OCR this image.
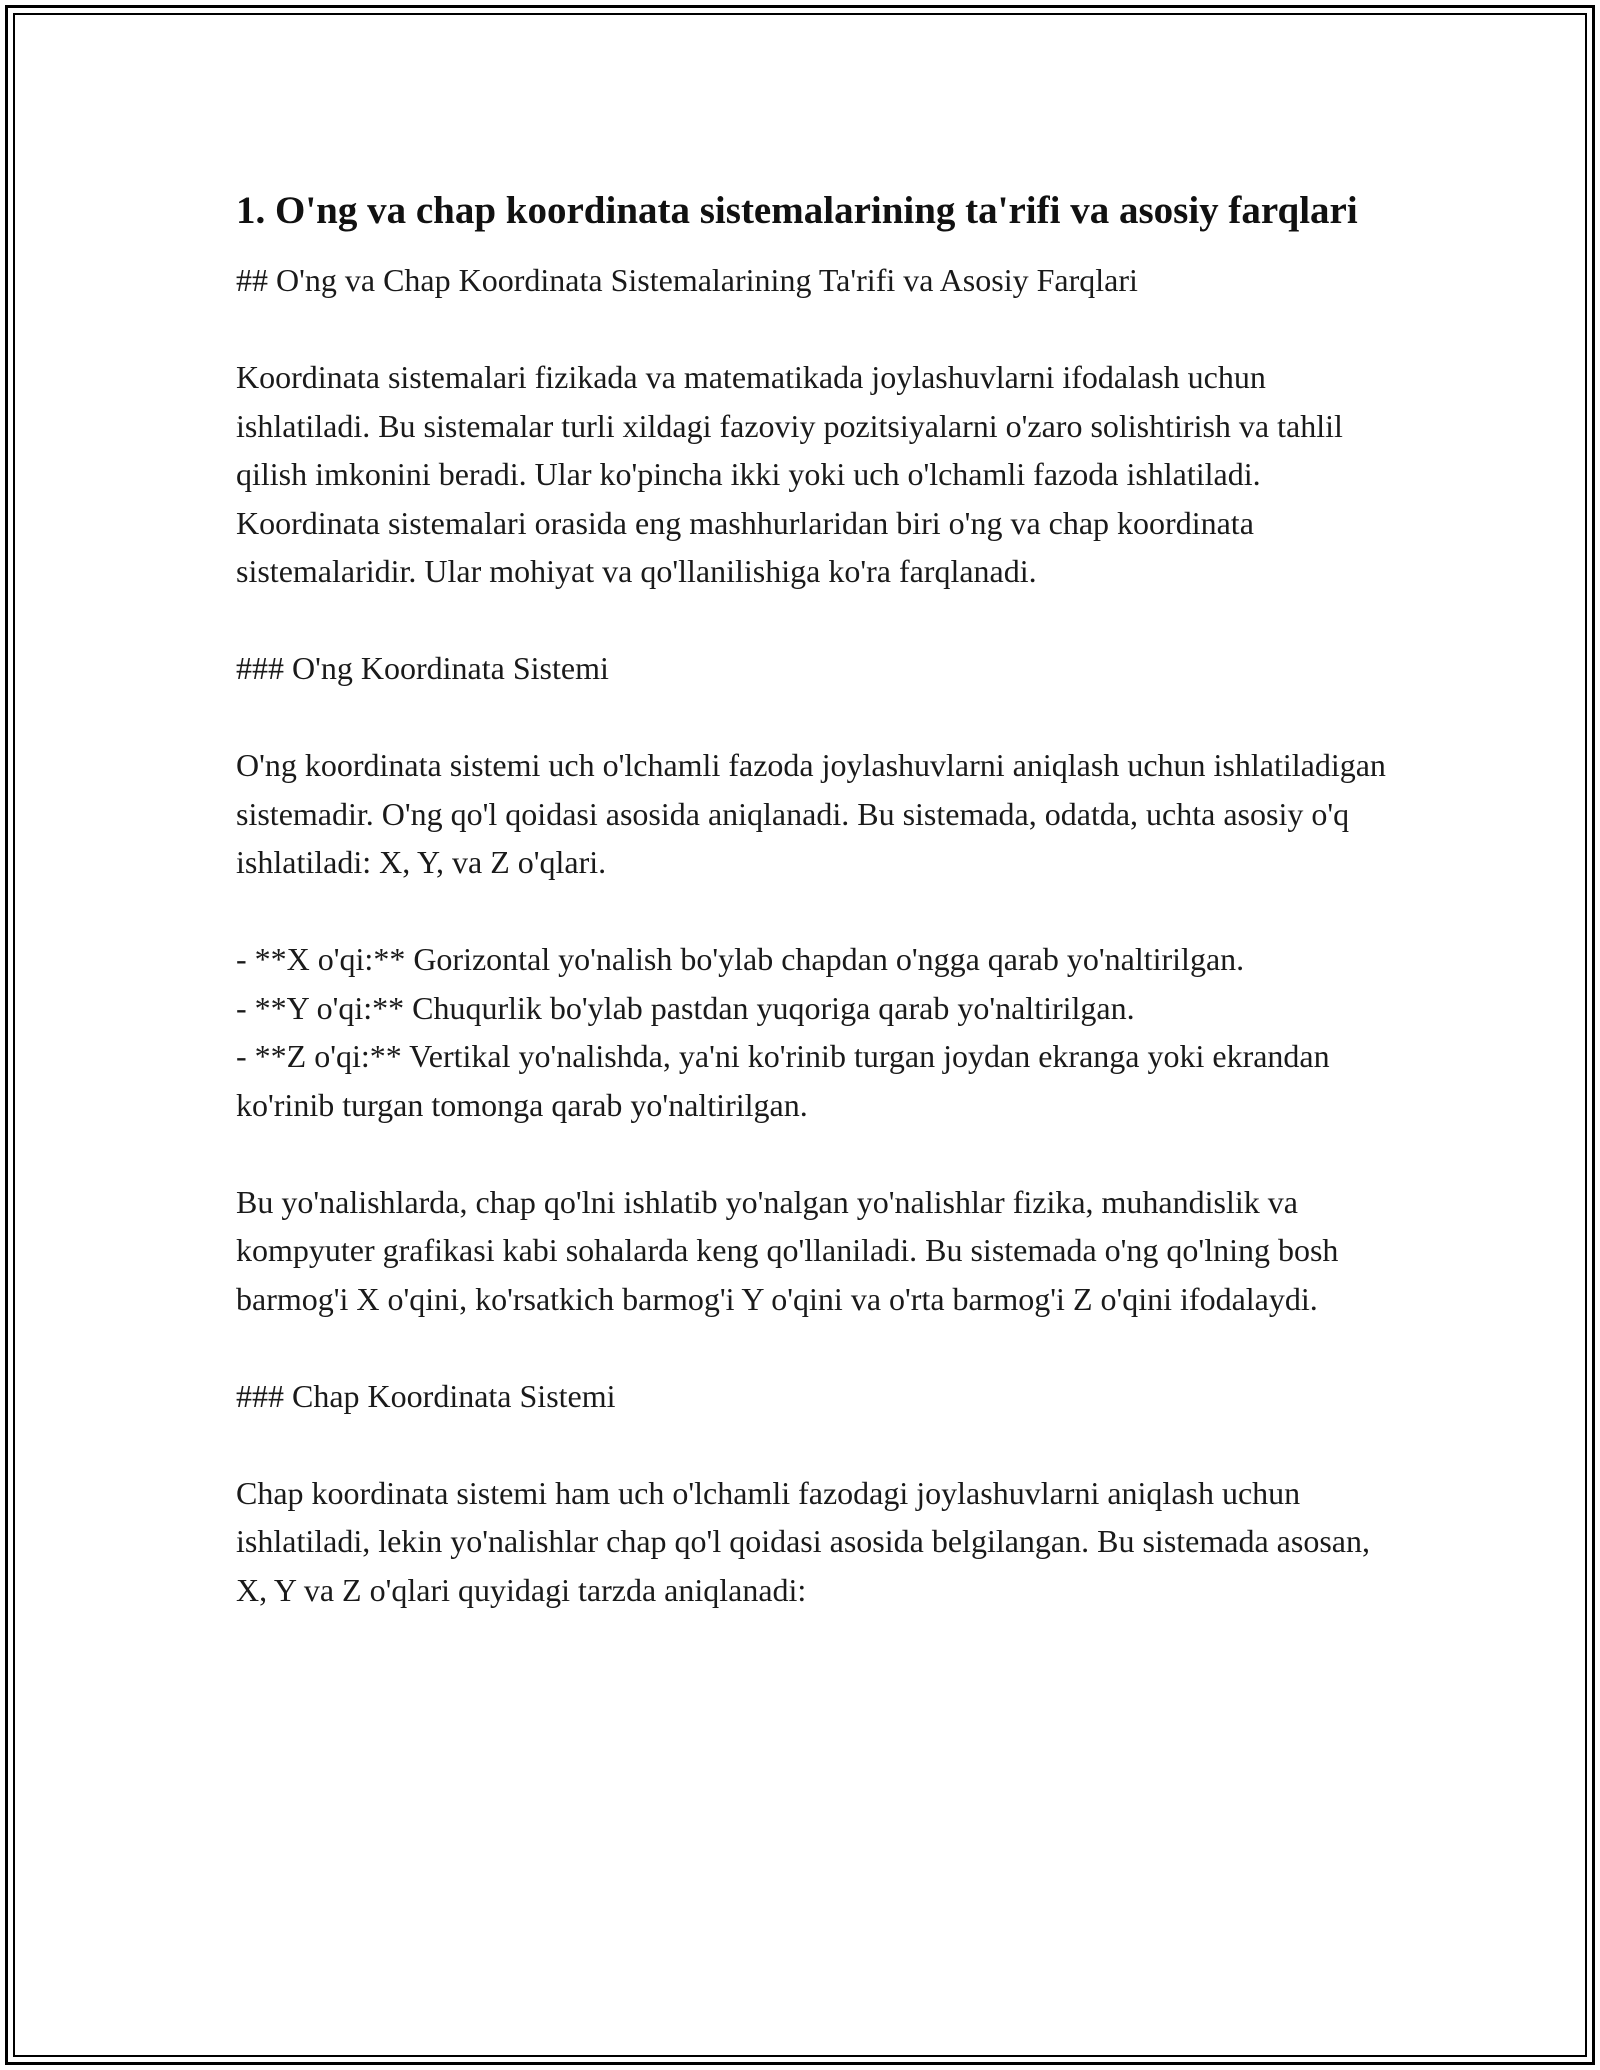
1. O'ng va chap koordinata sistemalarining ta'rifi va asosiy farqlari

## O'ng va Chap Koordinata Sistemalarining Ta'rifi va Asosiy Farqlari

Koordinata sistemalari fizikada va matematikada joylashuvlarni ifodalash uchun ishlatiladi. Bu sistemalar turli xildagi fazoviy pozitsiyalarni o'zaro solishtirish va tahlil qilish imkonini beradi. Ular ko'pincha ikki yoki uch o'lchamli fazoda ishlatiladi. Koordinata sistemalari orasida eng mashhurlaridan biri o'ng va chap koordinata sistemalaridir. Ular mohiyat va qo'llanilishiga ko'ra farqlanadi.

### O'ng Koordinata Sistemi

O'ng koordinata sistemi uch o'lchamli fazoda joylashuvlarni aniqlash uchun ishlatiladigan sistemadir. O'ng qo'l qoidasi asosida aniqlanadi. Bu sistemada, odatda, uchta asosiy o'q ishlatiladi: X, Y, va Z o'qlari.

- **X o'qi:** Gorizontal yo'nalish bo'ylab chapdan o'ngga qarab yo'naltirilgan.

- **Y o'qi:** Chuqurlik bo'ylab pastdan yuqoriga qarab yo'naltirilgan.

- **Z o'qi:** Vertikal yo'nalishda, ya'ni ko'rinib turgan joydan ekranga yoki ekrandan ko'rinib turgan tomonga qarab yo'naltirilgan.

Bu yo'nalishlarda, chap qo'lni ishlatib yo'nalgan yo'nalishlar fizika, muhandislik va kompyuter grafikasi kabi sohalarda keng qo'llaniladi. Bu sistemada o'ng qo'lning bosh barmog'i X o'qini, ko'rsatkich barmog'i Y o'qini va o'rta barmog'i Z o'qini ifodalaydi.

### Chap Koordinata Sistemi

Chap koordinata sistemi ham uch o'lchamli fazodagi joylashuvlarni aniqlash uchun ishlatiladi, lekin yo'nalishlar chap qo'l qoidasi asosida belgilangan. Bu sistemada asosan, X, Y va Z o'qlari quyidagi tarzda aniqlanadi:
